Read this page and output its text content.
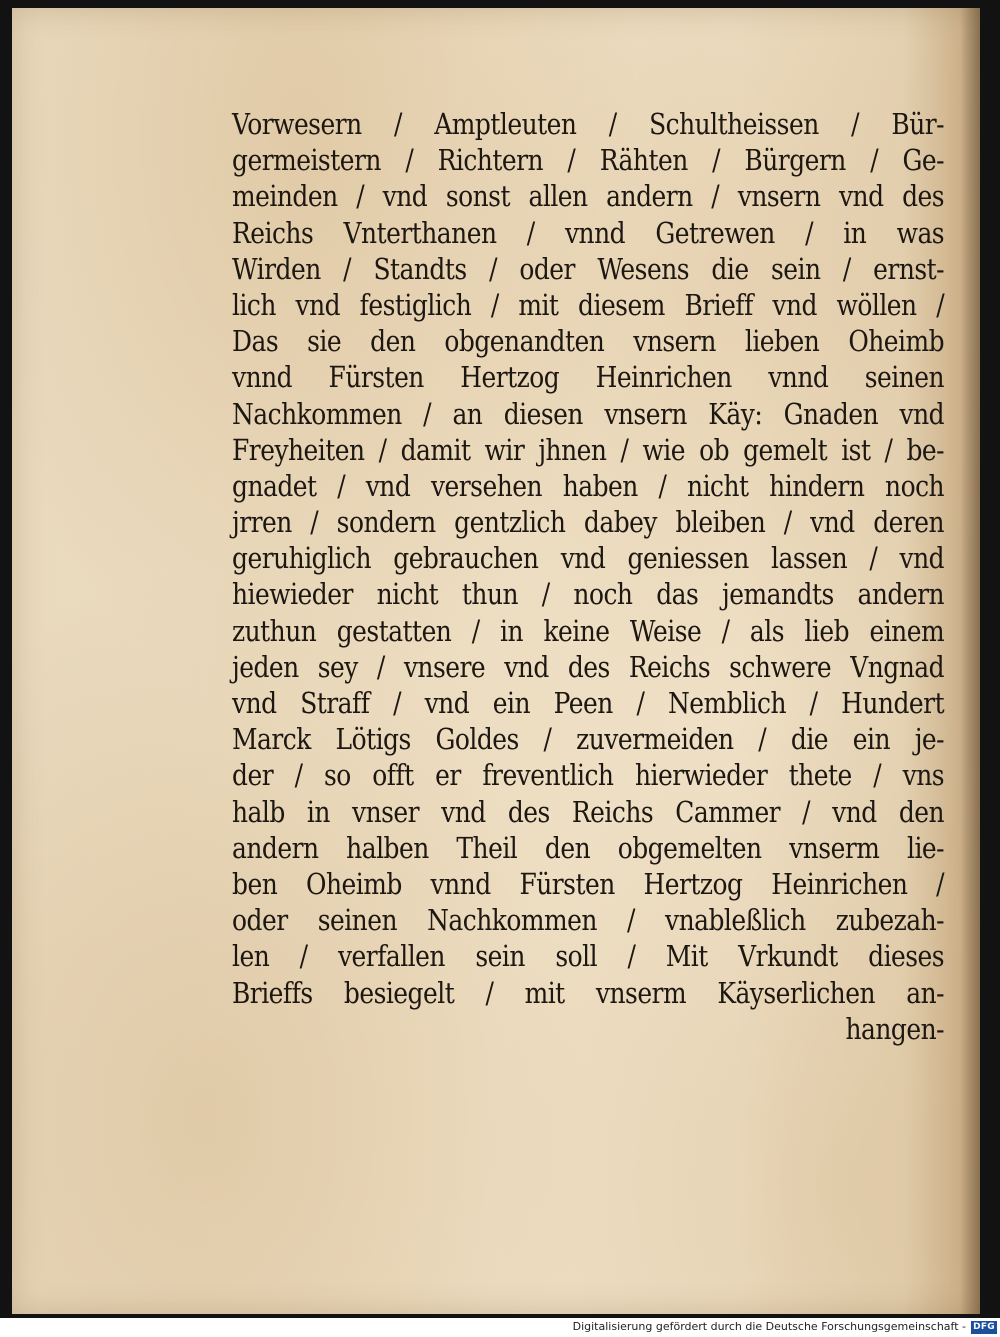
Vorwesern / Amptleuten / Schultheissen / Bür-
germeistern / Richtern / Rähten / Bürgern / Ge-
meinden / vnd sonst allen andern / vnsern vnd des
Reichs Vnterthanen / vnnd Getrewen / in was
Wirden / Standts / oder Wesens die sein / ernst-
lich vnd festiglich / mit diesem Brieff vnd wöllen /
Das sie den obgenandten vnsern lieben Oheimb
vnnd Fürsten Hertzog Heinrichen vnnd seinen
Nachkommen / an diesen vnsern Käy: Gnaden vnd
Freyheiten / damit wir jhnen / wie ob gemelt ist / be-
gnadet / vnd versehen haben / nicht hindern noch
jrren / sondern gentzlich dabey bleiben / vnd deren
geruhiglich gebrauchen vnd geniessen lassen / vnd
hiewieder nicht thun / noch das jemandts andern
zuthun gestatten / in keine Weise / als lieb einem
jeden sey / vnsere vnd des Reichs schwere Vngnad
vnd Straff / vnd ein Peen / Nemblich / Hundert
Marck Lötigs Goldes / zuvermeiden / die ein je-
der / so offt er freventlich hierwieder thete / vns
halb in vnser vnd des Reichs Cammer / vnd den
andern halben Theil den obgemelten vnserm lie-
ben Oheimb vnnd Fürsten Hertzog Heinrichen /
oder seinen Nachkommen / vnableßlich zubezah-
len / verfallen sein soll / Mit Vrkundt dieses
Brieffs besiegelt / mit vnserm Käyserlichen an-
hangen-
Digitalisierung gefördert durch die Deutsche Forschungsgemeinschaft - DFG
